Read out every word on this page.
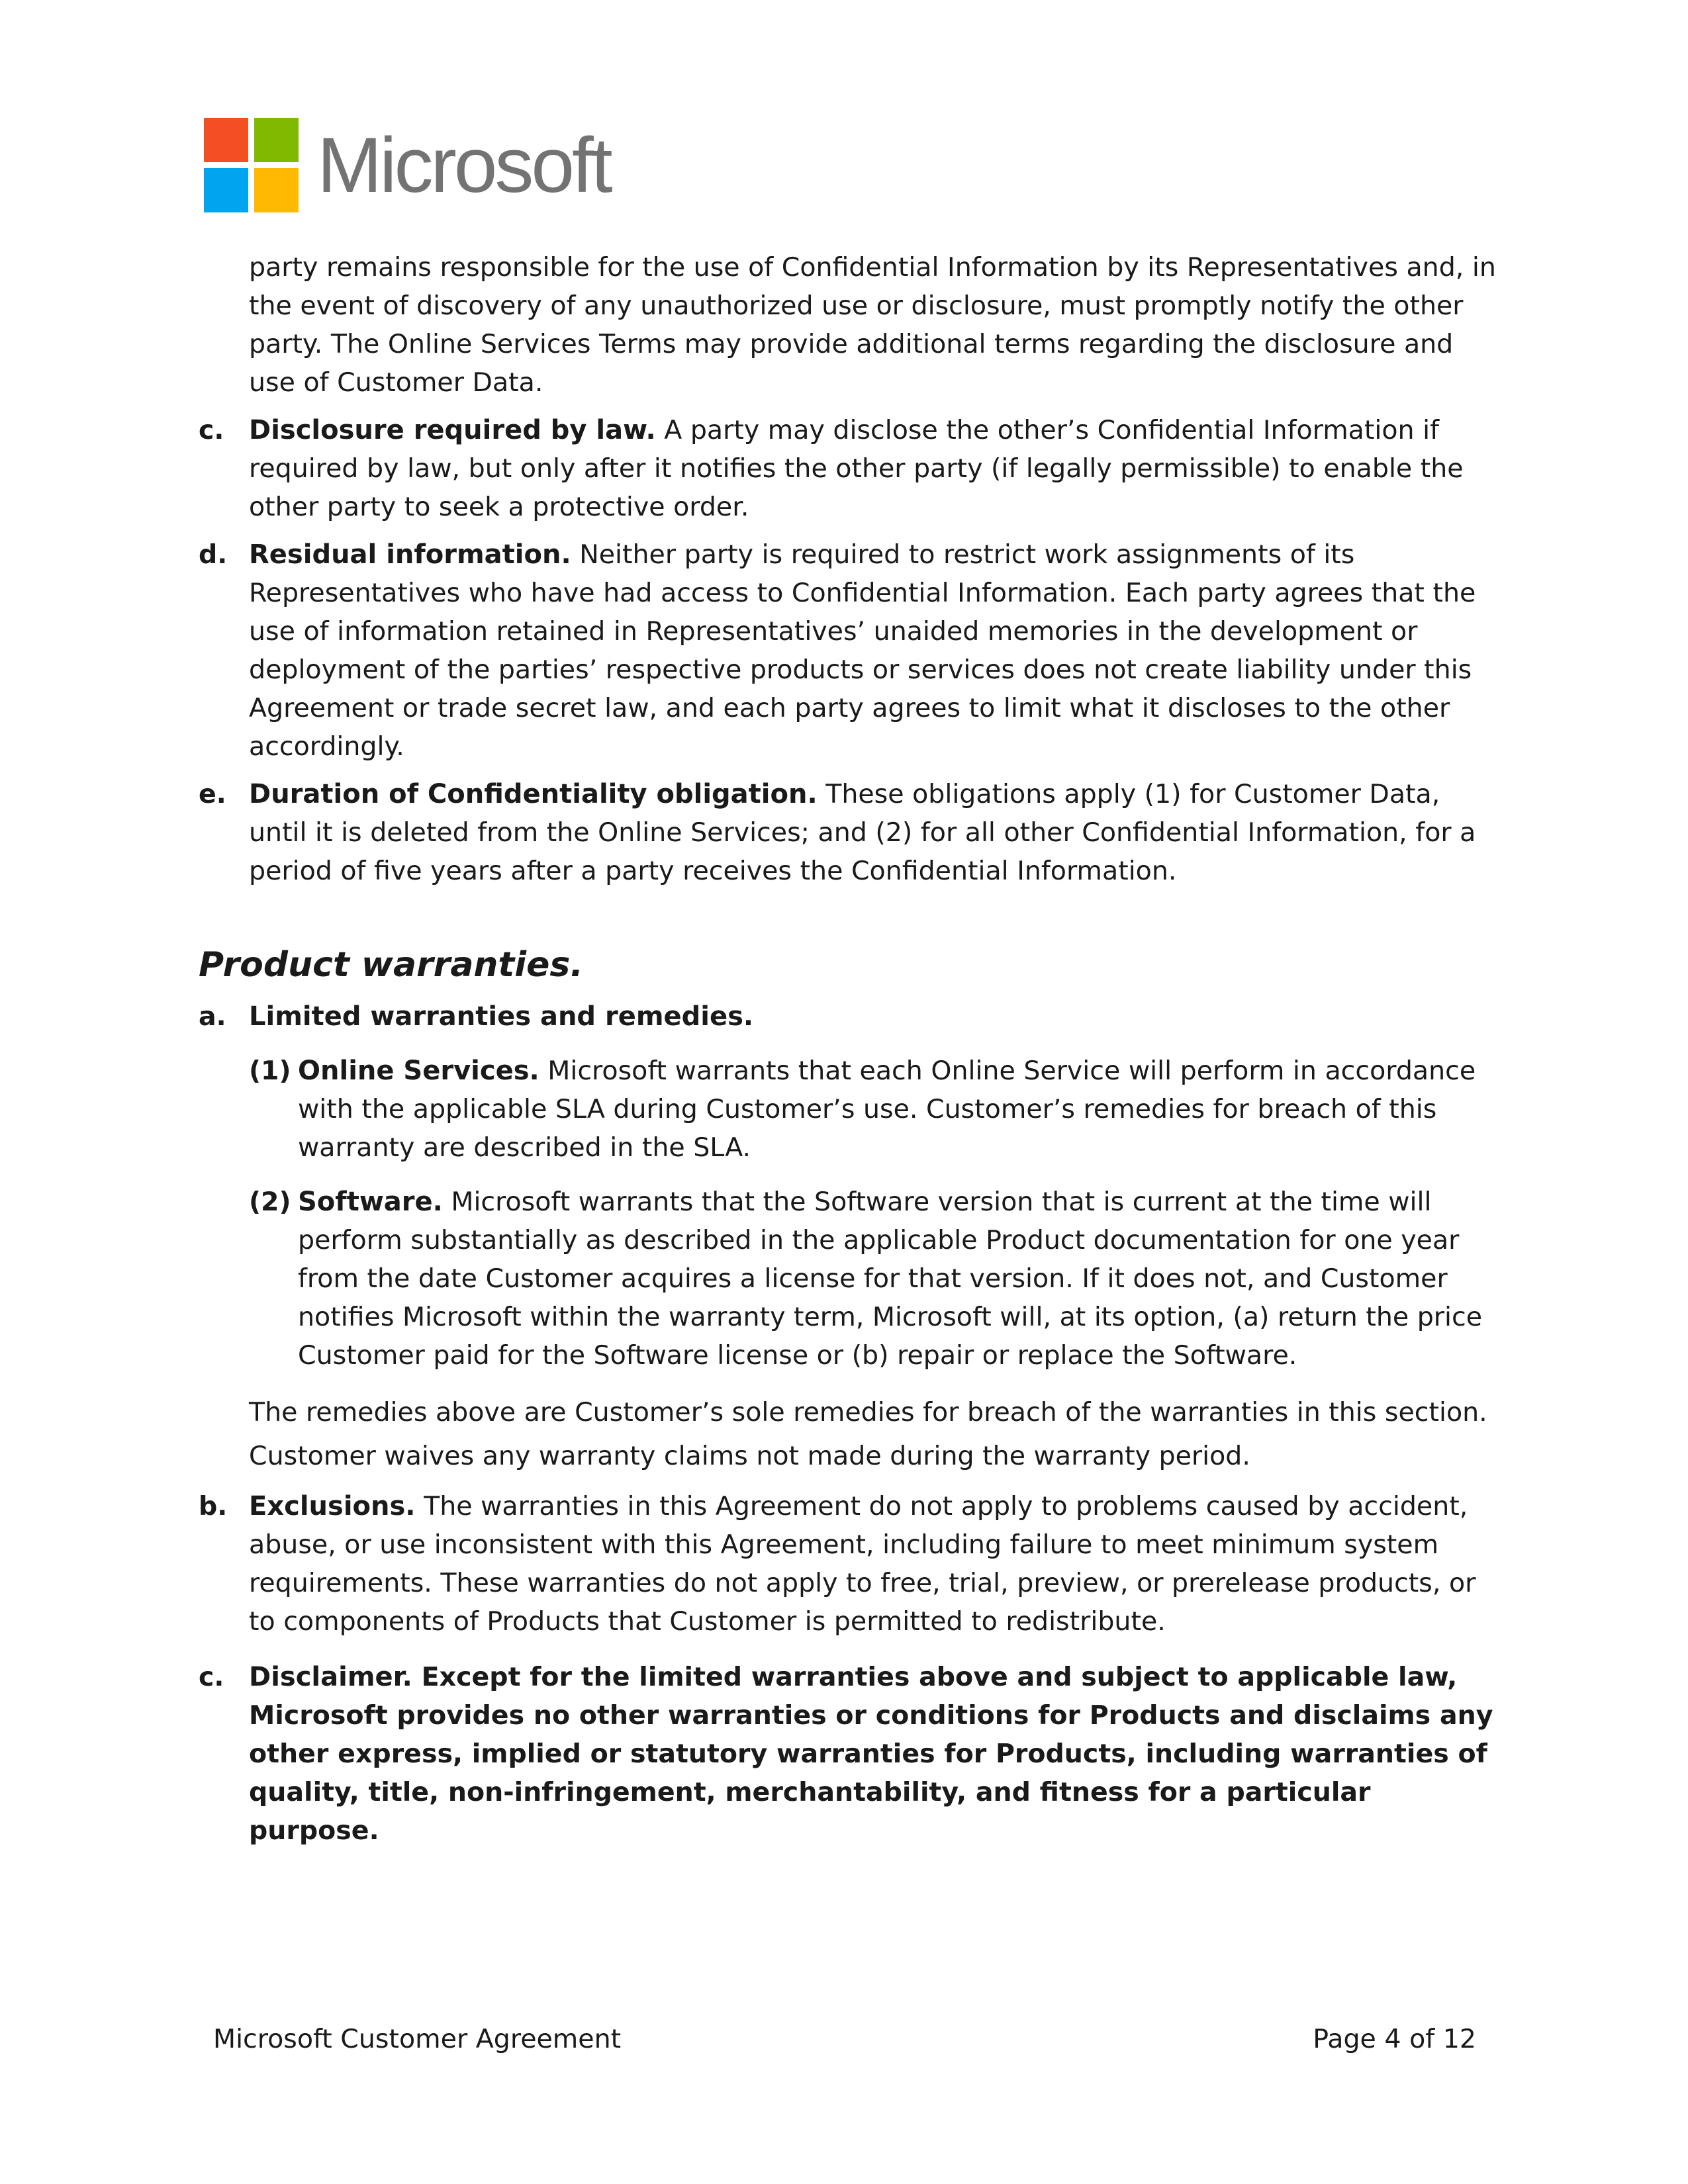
Microsoft
party remains responsible for the use of Confidential Information by its Representatives and, in the event of discovery of any unauthorized use or disclosure, must promptly notify the other party. The Online Services Terms may provide additional terms regarding the disclosure and use of Customer Data.
c. Disclosure required by law. A party may disclose the other’s Confidential Information if required by law, but only after it notifies the other party (if legally permissible) to enable the other party to seek a protective order.
d. Residual information. Neither party is required to restrict work assignments of its Representatives who have had access to Confidential Information. Each party agrees that the use of information retained in Representatives’ unaided memories in the development or deployment of the parties’ respective products or services does not create liability under this Agreement or trade secret law, and each party agrees to limit what it discloses to the other accordingly.
e. Duration of Confidentiality obligation. These obligations apply (1) for Customer Data, until it is deleted from the Online Services; and (2) for all other Confidential Information, for a period of five years after a party receives the Confidential Information.
Product warranties.
a. Limited warranties and remedies.
(1) Online Services. Microsoft warrants that each Online Service will perform in accordance with the applicable SLA during Customer’s use. Customer’s remedies for breach of this warranty are described in the SLA.
(2) Software. Microsoft warrants that the Software version that is current at the time will perform substantially as described in the applicable Product documentation for one year from the date Customer acquires a license for that version. If it does not, and Customer notifies Microsoft within the warranty term, Microsoft will, at its option, (a) return the price Customer paid for the Software license or (b) repair or replace the Software.
The remedies above are Customer’s sole remedies for breach of the warranties in this section. Customer waives any warranty claims not made during the warranty period.
b. Exclusions. The warranties in this Agreement do not apply to problems caused by accident, abuse, or use inconsistent with this Agreement, including failure to meet minimum system requirements. These warranties do not apply to free, trial, preview, or prerelease products, or to components of Products that Customer is permitted to redistribute.
c. Disclaimer. Except for the limited warranties above and subject to applicable law, Microsoft provides no other warranties or conditions for Products and disclaims any other express, implied or statutory warranties for Products, including warranties of quality, title, non-infringement, merchantability, and fitness for a particular purpose.
Microsoft Customer Agreement	Page 4 of 12
